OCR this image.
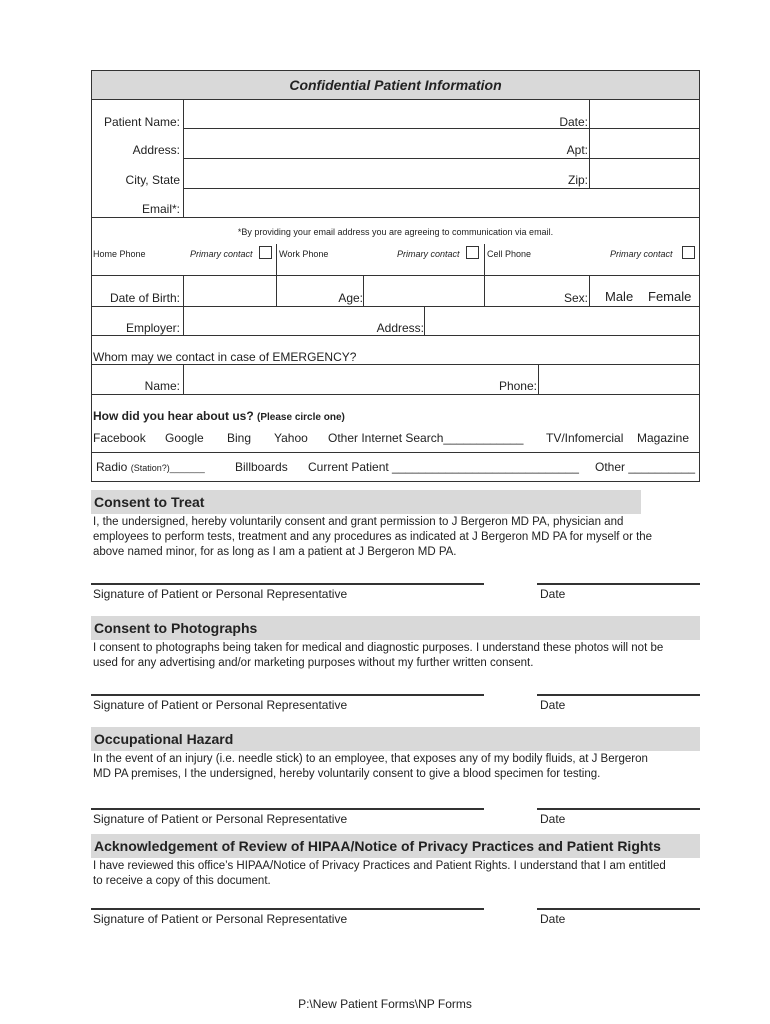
Confidential Patient Information
Patient Name:	Date:
Address:	Apt:
City, State	Zip:
Email*:
*By providing your email address you are agreeing to communication via email.
Home Phone	Primary contact	Work Phone	Primary contact	Cell Phone	Primary contact
Date of Birth:	Age:	Sex: Male Female
Employer:	Address:
Whom may we contact in case of EMERGENCY?
Name:	Phone:
How did you hear about us? (Please circle one)
Facebook Google Bing Yahoo Other Internet Search____________ TV/Infomercial Magazine
Radio (Station?)_______	Billboards Current Patient ____________________________ Other __________
Consent to Treat
I, the undersigned, hereby voluntarily consent and grant permission to J Bergeron MD PA, physician and
employees to perform tests, treatment and any procedures as indicated at J Bergeron MD PA for myself or the
above named minor, for as long as I am a patient at J Bergeron MD PA.
Signature of Patient or Personal Representative	Date
Consent to Photographs
I consent to photographs being taken for medical and diagnostic purposes. I understand these photos will not be
used for any advertising and/or marketing purposes without my further written consent.
Signature of Patient or Personal Representative	Date
Occupational Hazard
In the event of an injury (i.e. needle stick) to an employee, that exposes any of my bodily fluids, at J Bergeron
MD PA premises, I the undersigned, hereby voluntarily consent to give a blood specimen for testing.
Signature of Patient or Personal Representative	Date
Acknowledgement of Review of HIPAA/Notice of Privacy Practices and Patient Rights
I have reviewed this office’s HIPAA/Notice of Privacy Practices and Patient Rights. I understand that I am entitled
to receive a copy of this document.
Signature of Patient or Personal Representative	Date
P:\New Patient Forms\NP Forms
